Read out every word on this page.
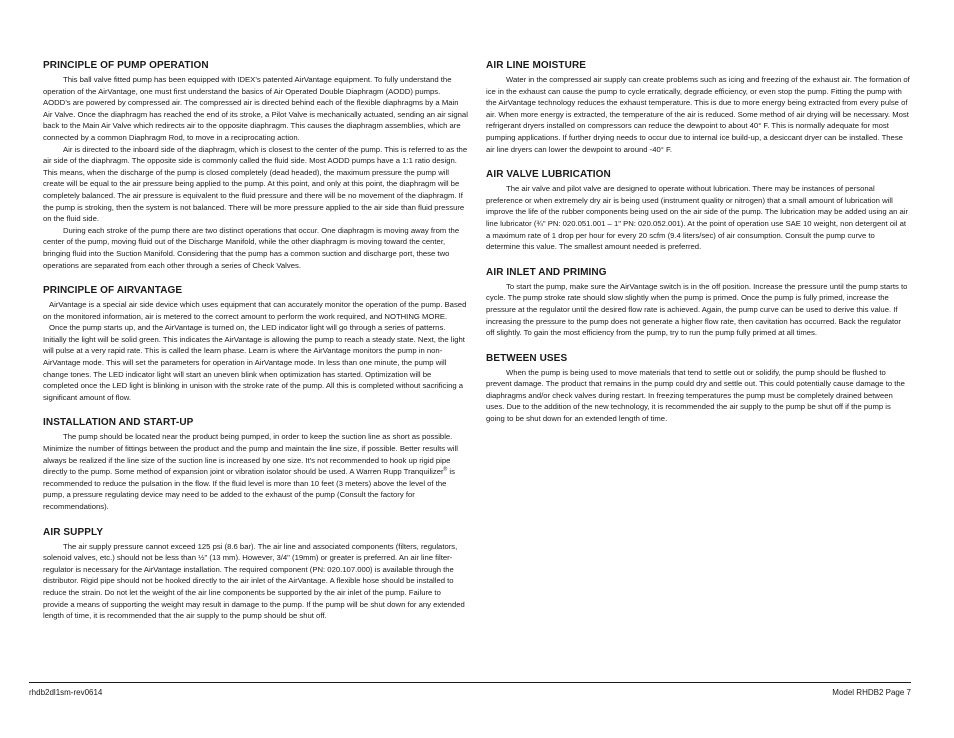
PRINCIPLE OF PUMP OPERATION

This ball valve fitted pump has been equipped with IDEX’s patented AirVantage equipment. To fully understand the operation of the AirVantage, one must first understand the basics of Air Operated Double Diaphragm (AODD) pumps. AODD’s are powered by compressed air. The compressed air is directed behind each of the flexible diaphragms by a Main Air Valve. Once the diaphragm has reached the end of its stroke, a Pilot Valve is mechanically actuated, sending an air signal back to the Main Air Valve which redirects air to the opposite diaphragm. This causes the diaphragm assemblies, which are connected by a common Diaphragm Rod, to move in a reciprocating action.

Air is directed to the inboard side of the diaphragm, which is closest to the center of the pump. This is referred to as the air side of the diaphragm. The opposite side is commonly called the fluid side. Most AODD pumps have a 1:1 ratio design. This means, when the discharge of the pump is closed completely (dead headed), the maximum pressure the pump will create will be equal to the air pressure being applied to the pump. At this point, and only at this point, the diaphragm will be completely balanced. The air pressure is equivalent to the fluid pressure and there will be no movement of the diaphragm. If the pump is stroking, then the system is not balanced. There will be more pressure applied to the air side than fluid pressure on the fluid side.

During each stroke of the pump there are two distinct operations that occur. One diaphragm is moving away from the center of the pump, moving fluid out of the Discharge Manifold, while the other diaphragm is moving toward the center, bringing fluid into the Suction Manifold. Considering that the pump has a common suction and discharge port, these two operations are separated from each other through a series of Check Valves.

PRINCIPLE OF AIRVANTAGE

AirVantage is a special air side device which uses equipment that can accurately monitor the operation of the pump. Based on the monitored information, air is metered to the correct amount to perform the work required, and NOTHING MORE.

Once the pump starts up, and the AirVantage is turned on, the LED indicator light will go through a series of patterns. Initially the light will be solid green. This indicates the AirVantage is allowing the pump to reach a steady state. Next, the light will pulse at a very rapid rate. This is called the learn phase. Learn is where the AirVantage monitors the pump in non-AirVantage mode. This will set the parameters for operation in AirVantage mode. In less than one minute, the pump will change tones. The LED indicator light will start an uneven blink when optimization has started. Optimization will be completed once the LED light is blinking in unison with the stroke rate of the pump. All this is completed without sacrificing a significant amount of flow.

INSTALLATION AND START-UP

The pump should be located near the product being pumped, in order to keep the suction line as short as possible. Minimize the number of fittings between the product and the pump and maintain the line size, if possible. Better results will always be realized if the line size of the suction line is increased by one size. It's not recommended to hook up rigid pipe directly to the pump. Some method of expansion joint or vibration isolator should be used. A Warren Rupp Tranquilizer® is recommended to reduce the pulsation in the flow. If the fluid level is more than 10 feet (3 meters) above the level of the pump, a pressure regulating device may need to be added to the exhaust of the pump (Consult the factory for recommendations).

AIR SUPPLY

The air supply pressure cannot exceed 125 psi (8.6 bar). The air line and associated components (filters, regulators, solenoid valves, etc.) should not be less than ½" (13 mm). However, 3/4" (19mm) or greater is preferred. An air line filter-regulator is necessary for the AirVantage installation. The required component (PN: 020.107.000) is available through the distributor. Rigid pipe should not be hooked directly to the air inlet of the AirVantage. A flexible hose should be installed to reduce the strain. Do not let the weight of the air line components be supported by the air inlet of the pump. Failure to provide a means of supporting the weight may result in damage to the pump. If the pump will be shut down for any extended length of time, it is recommended that the air supply to the pump should be shut off.

AIR LINE MOISTURE

Water in the compressed air supply can create problems such as icing and freezing of the exhaust air. The formation of ice in the exhaust can cause the pump to cycle erratically, degrade efficiency, or even stop the pump. Fitting the pump with the AirVantage technology reduces the exhaust temperature. This is due to more energy being extracted from every pulse of air. When more energy is extracted, the temperature of the air is reduced. Some method of air drying will be necessary. Most refrigerant dryers installed on compressors can reduce the dewpoint to about 40° F. This is normally adequate for most pumping applications. If further drying needs to occur due to internal ice build-up, a desiccant dryer can be installed. These air line dryers can lower the dewpoint to around -40° F.

AIR VALVE LUBRICATION

The air valve and pilot valve are designed to operate without lubrication. There may be instances of personal preference or when extremely dry air is being used (instrument quality or nitrogen) that a small amount of lubrication will improve the life of the rubber components being used on the air side of the pump. The lubrication may be added using an air line lubricator (¾" PN: 020.051.001 – 1" PN: 020.052.001). At the point of operation use SAE 10 weight, non detergent oil at a maximum rate of 1 drop per hour for every 20 scfm (9.4 liters/sec) of air consumption. Consult the pump curve to determine this value. The smallest amount needed is preferred.

AIR INLET AND PRIMING

To start the pump, make sure the AirVantage switch is in the off position. Increase the pressure until the pump starts to cycle. The pump stroke rate should slow slightly when the pump is primed. Once the pump is fully primed, increase the pressure at the regulator until the desired flow rate is achieved. Again, the pump curve can be used to derive this value. If increasing the pressure to the pump does not generate a higher flow rate, then cavitation has occurred. Back the regulator off slightly. To gain the most efficiency from the pump, try to run the pump fully primed at all times.

BETWEEN USES

When the pump is being used to move materials that tend to settle out or solidify, the pump should be flushed to prevent damage. The product that remains in the pump could dry and settle out. This could potentially cause damage to the diaphragms and/or check valves during restart. In freezing temperatures the pump must be completely drained between uses. Due to the addition of the new technology, it is recommended the air supply to the pump be shut off if the pump is going to be shut down for an extended length of time.

rhdb2dl1sm-rev0614	Model RHDB2 Page 7
